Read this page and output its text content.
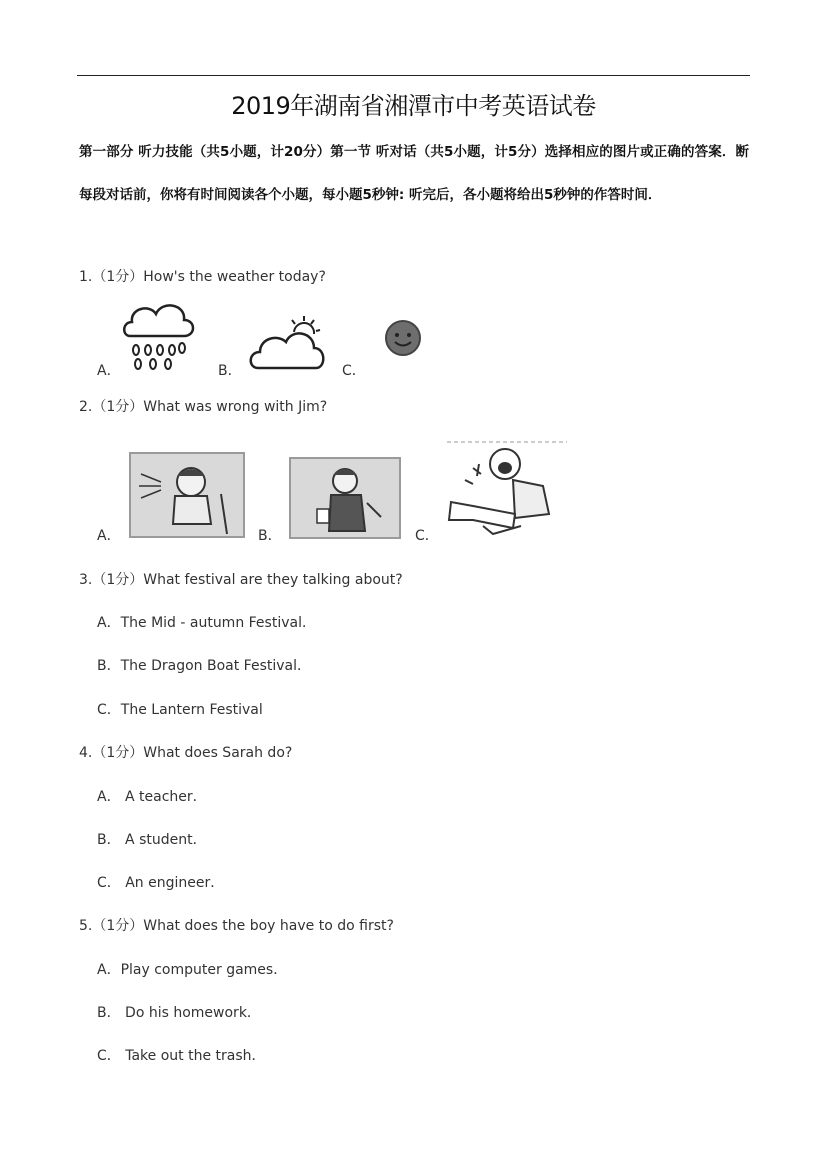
2019年湖南省湘潭市中考英语试卷
第一部分 听力技能（共5小题，计20分）第一节 听对话（共5小题，计5分）选择相应的图片或正确的答案．断每段对话前，你将有时间阅读各个小题，每小题5秒钟: 听完后，各小题将给出5秒钟的作答时间．
1.（1分）How's the weather today?
A．	B．	C．
2.（1分）What was wrong with Jim?
A．	B．	C．
3.（1分）What festival are they talking about?
A．The Mid - autumn Festival．
B．The Dragon Boat Festival．
C．The Lantern Festival
4.（1分）What does Sarah do?
A． A teacher．
B． A student．
C． An engineer．
5.（1分）What does the boy have to do first?
A．Play computer games．
B． Do his homework．
C． Take out the trash．
